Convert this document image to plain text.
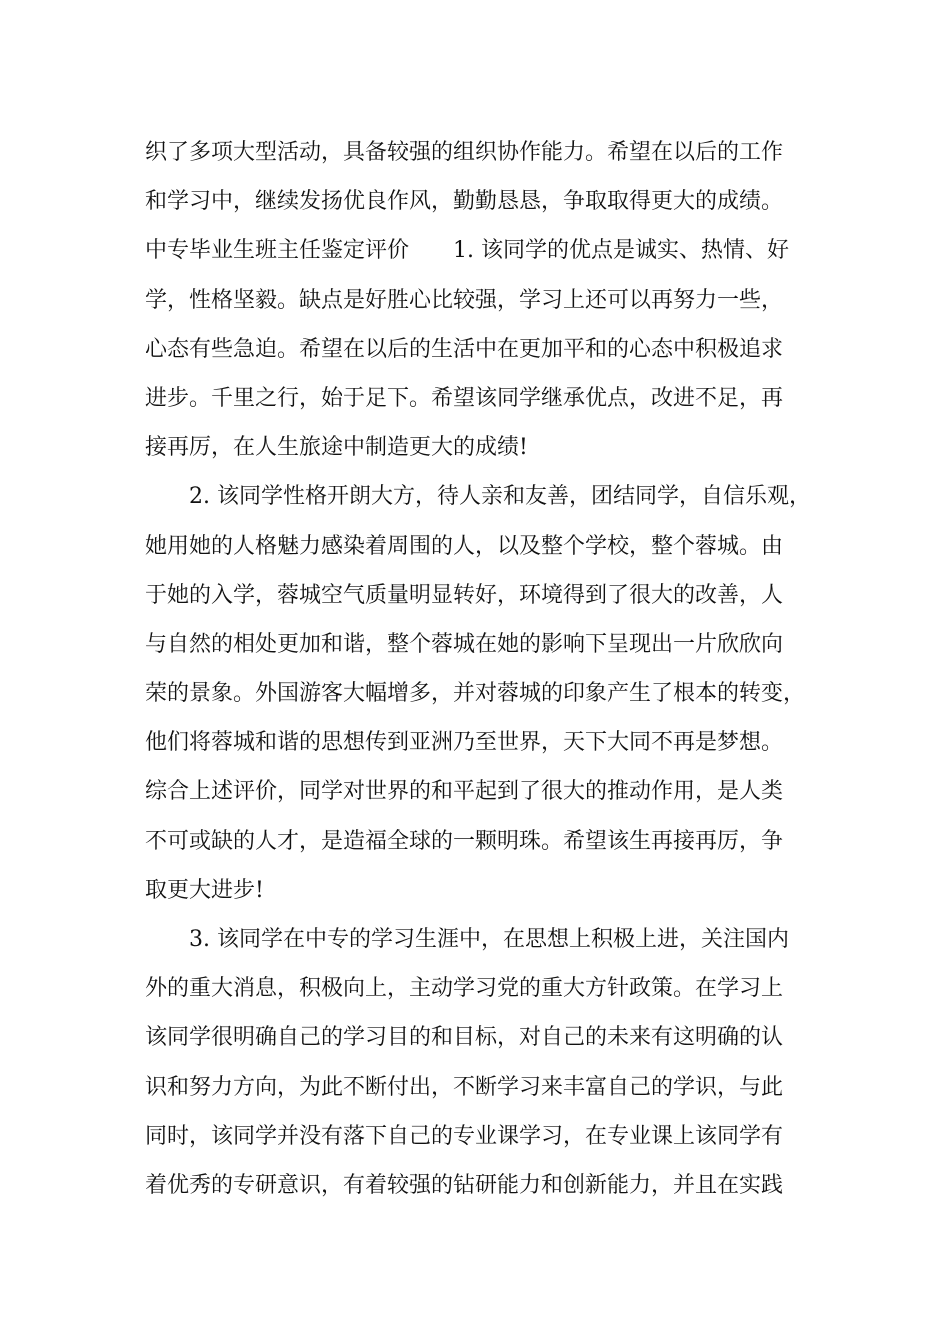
织了多项大型活动，具备较强的组织协作能力。希望在以后的工作
和学习中，继续发扬优良作风，勤勤恳恳，争取取得更大的成绩。
中专毕业生班主任鉴定评价　　1. 该同学的优点是诚实、热情、好
学，性格坚毅。缺点是好胜心比较强，学习上还可以再努力一些，
心态有些急迫。希望在以后的生活中在更加平和的心态中积极追求
进步。千里之行，始于足下。希望该同学继承优点，改进不足，再
接再厉，在人生旅途中制造更大的成绩!
2. 该同学性格开朗大方，待人亲和友善，团结同学，自信乐观，
她用她的人格魅力感染着周围的人，以及整个学校，整个蓉城。由
于她的入学，蓉城空气质量明显转好，环境得到了很大的改善，人
与自然的相处更加和谐，整个蓉城在她的影响下呈现出一片欣欣向
荣的景象。外国游客大幅增多，并对蓉城的印象产生了根本的转变，
他们将蓉城和谐的思想传到亚洲乃至世界，天下大同不再是梦想。
综合上述评价，同学对世界的和平起到了很大的推动作用，是人类
不可或缺的人才，是造福全球的一颗明珠。希望该生再接再厉，争
取更大进步!
3. 该同学在中专的学习生涯中，在思想上积极上进，关注国内
外的重大消息，积极向上，主动学习党的重大方针政策。在学习上
该同学很明确自己的学习目的和目标，对自己的未来有这明确的认
识和努力方向，为此不断付出，不断学习来丰富自己的学识，与此
同时，该同学并没有落下自己的专业课学习，在专业课上该同学有
着优秀的专研意识，有着较强的钻研能力和创新能力，并且在实践
